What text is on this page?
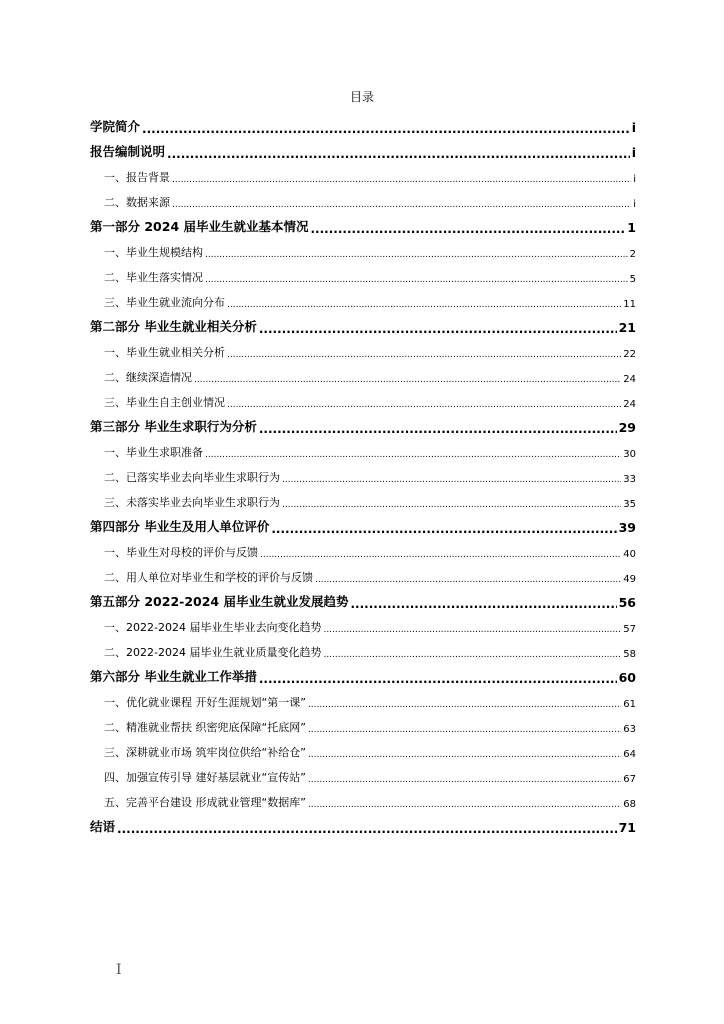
目录
学院简介 .....	i
报告编制说明 .....	i
一、报告背景 .....	i
二、数据来源 .....	i
第一部分 2024 届毕业生就业基本情况 .....	1
一、毕业生规模结构 .....	2
二、毕业生落实情况 .....	5
三、毕业生就业流向分布 .....	11
第二部分 毕业生就业相关分析 .....	21
一、毕业生就业相关分析 .....	22
二、继续深造情况 .....	24
三、毕业生自主创业情况 .....	24
第三部分 毕业生求职行为分析 .....	29
一、毕业生求职准备 .....	30
二、已落实毕业去向毕业生求职行为 .....	33
三、未落实毕业去向毕业生求职行为 .....	35
第四部分 毕业生及用人单位评价 .....	39
一、毕业生对母校的评价与反馈 .....	40
二、用人单位对毕业生和学校的评价与反馈 .....	49
第五部分 2022-2024 届毕业生就业发展趋势 .....	56
一、2022-2024 届毕业生毕业去向变化趋势 .....	57
二、2022-2024 届毕业生就业质量变化趋势 .....	58
第六部分 毕业生就业工作举措 .....	60
一、优化就业课程 开好生涯规划“第一课” .....	61
二、精准就业帮扶 织密兜底保障“托底网” .....	63
三、深耕就业市场 筑牢岗位供给“补给仓” .....	64
四、加强宣传引导 建好基层就业“宣传站” .....	67
五、完善平台建设 形成就业管理“数据库” .....	68
结语 .....	71
I
